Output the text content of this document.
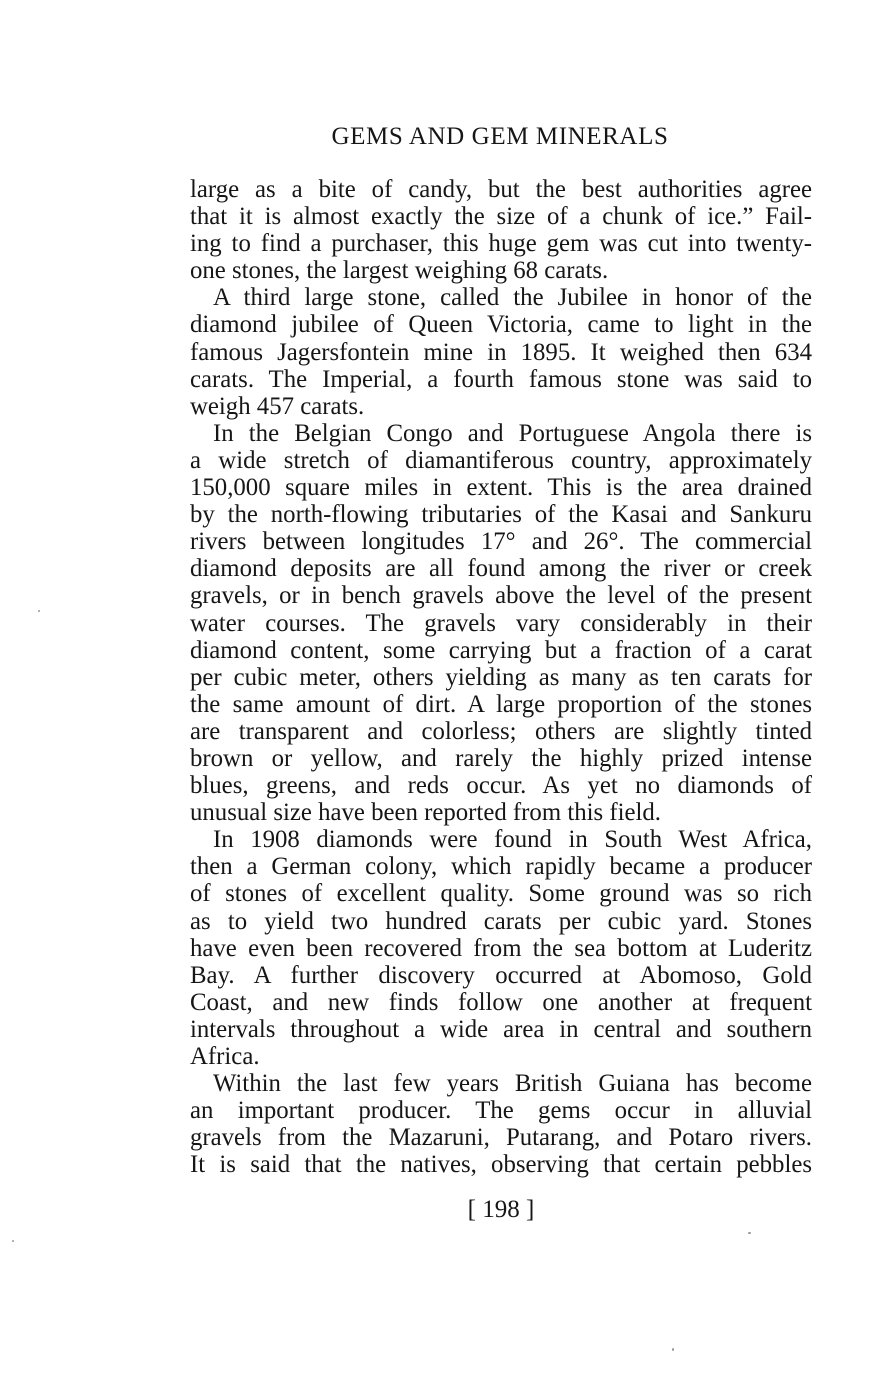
GEMS AND GEM MINERALS
large as a bite of candy, but the best authorities agree
that it is almost exactly the size of a chunk of ice.” Fail-
ing to find a purchaser, this huge gem was cut into twenty-
one stones, the largest weighing 68 carats.
A third large stone, called the Jubilee in honor of the
diamond jubilee of Queen Victoria, came to light in the
famous Jagersfontein mine in 1895. It weighed then 634
carats. The Imperial, a fourth famous stone was said to
weigh 457 carats.
In the Belgian Congo and Portuguese Angola there is
a wide stretch of diamantiferous country, approximately
150,000 square miles in extent. This is the area drained
by the north-flowing tributaries of the Kasai and Sankuru
rivers between longitudes 17° and 26°. The commercial
diamond deposits are all found among the river or creek
gravels, or in bench gravels above the level of the present
water courses. The gravels vary considerably in their
diamond content, some carrying but a fraction of a carat
per cubic meter, others yielding as many as ten carats for
the same amount of dirt. A large proportion of the stones
are transparent and colorless; others are slightly tinted
brown or yellow, and rarely the highly prized intense
blues, greens, and reds occur. As yet no diamonds of
unusual size have been reported from this field.
In 1908 diamonds were found in South West Africa,
then a German colony, which rapidly became a producer
of stones of excellent quality. Some ground was so rich
as to yield two hundred carats per cubic yard. Stones
have even been recovered from the sea bottom at Luderitz
Bay. A further discovery occurred at Abomoso, Gold
Coast, and new finds follow one another at frequent
intervals throughout a wide area in central and southern
Africa.
Within the last few years British Guiana has become
an important producer. The gems occur in alluvial
gravels from the Mazaruni, Putarang, and Potaro rivers.
It is said that the natives, observing that certain pebbles
[ 198 ]
